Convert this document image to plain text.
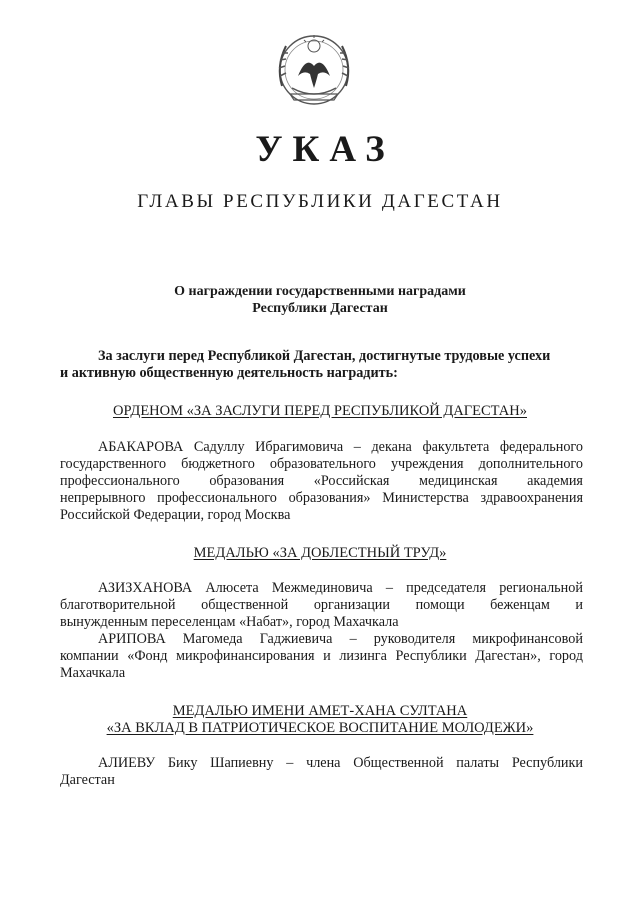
УКАЗ
ГЛАВЫ РЕСПУБЛИКИ ДАГЕСТАН
О награждении государственными наградами
Республики Дагестан
За заслуги перед Республикой Дагестан, достигнутые трудовые успехи
и активную общественную деятельность наградить:
ОРДЕНОМ «ЗА ЗАСЛУГИ ПЕРЕД РЕСПУБЛИКОЙ ДАГЕСТАН»
АБАКАРОВА Садуллу Ибрагимовича – декана факультета федерального
государственного бюджетного образовательного учреждения дополнительного
профессионального образования «Российская медицинская академия
непрерывного профессионального образования» Министерства здравоохранения
Российской Федерации, город Москва
МЕДАЛЬЮ «ЗА ДОБЛЕСТНЫЙ ТРУД»
АЗИЗХАНОВА Алюсета Межмединовича – председателя региональной
благотворительной общественной организации помощи беженцам и
вынужденным переселенцам «Набат», город Махачкала
АРИПОВА Магомеда Гаджиевича – руководителя микрофинансовой
компании «Фонд микрофинансирования и лизинга Республики Дагестан», город
Махачкала
МЕДАЛЬЮ ИМЕНИ АМЕТ-ХАНА СУЛТАНА
«ЗА ВКЛАД В ПАТРИОТИЧЕСКОЕ ВОСПИТАНИЕ МОЛОДЕЖИ»
АЛИЕВУ Бику Шапиевну – члена Общественной палаты Республики
Дагестан
